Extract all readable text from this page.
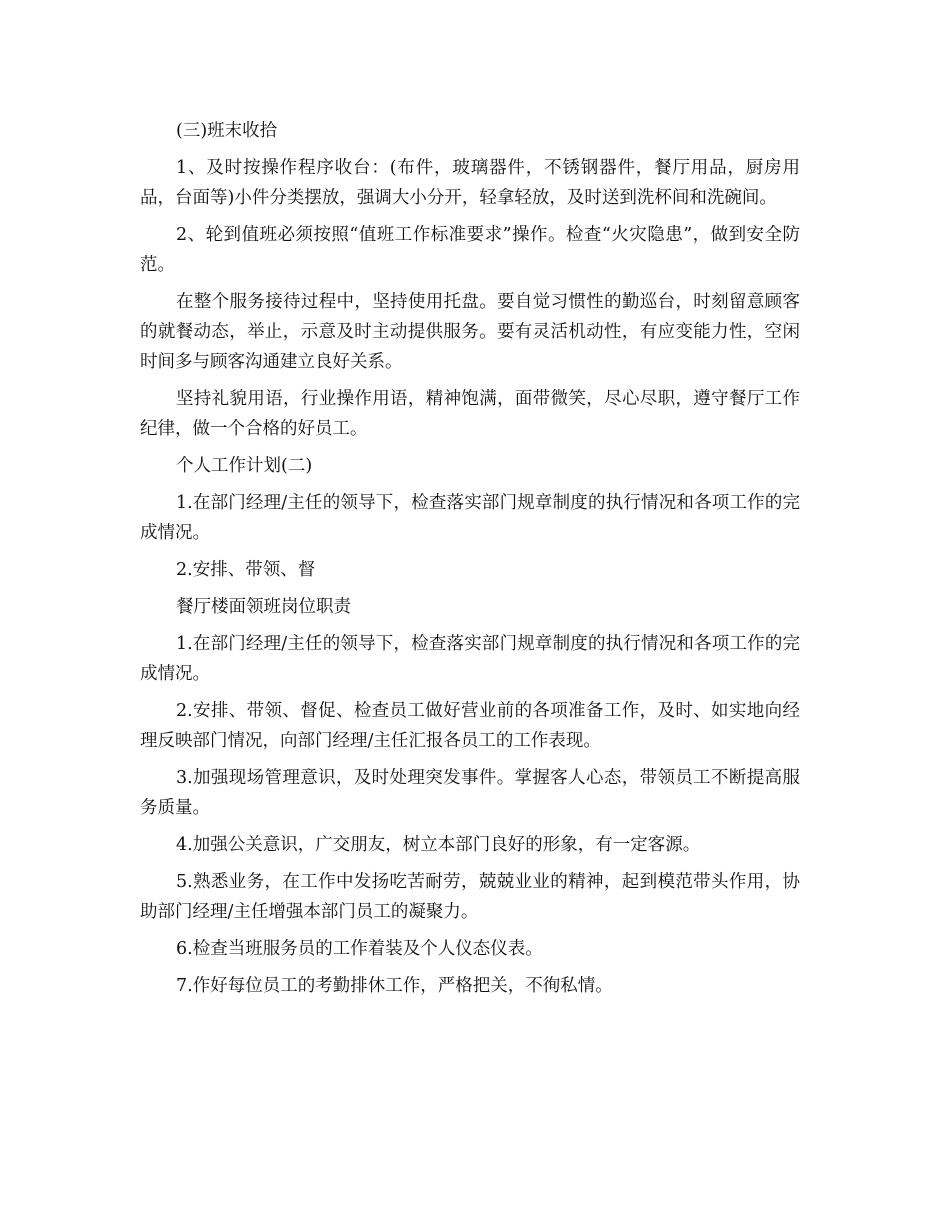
(三)班末收拾

1、及时按操作程序收台：(布件，玻璃器件，不锈钢器件，餐厅用品，厨房用品，台面等)小件分类摆放，强调大小分开，轻拿轻放，及时送到洗杯间和洗碗间。

2、轮到值班必须按照“值班工作标准要求”操作。检查“火灾隐患”，做到安全防范。

在整个服务接待过程中，坚持使用托盘。要自觉习惯性的勤巡台，时刻留意顾客的就餐动态，举止，示意及时主动提供服务。要有灵活机动性，有应变能力性，空闲时间多与顾客沟通建立良好关系。

坚持礼貌用语，行业操作用语，精神饱满，面带微笑，尽心尽职，遵守餐厅工作纪律，做一个合格的好员工。

个人工作计划(二)

1.在部门经理/主任的领导下，检查落实部门规章制度的执行情况和各项工作的完成情况。

2.安排、带领、督

餐厅楼面领班岗位职责

1.在部门经理/主任的领导下，检查落实部门规章制度的执行情况和各项工作的完成情况。

2.安排、带领、督促、检查员工做好营业前的各项准备工作，及时、如实地向经理反映部门情况，向部门经理/主任汇报各员工的工作表现。

3.加强现场管理意识，及时处理突发事件。掌握客人心态，带领员工不断提高服务质量。

4.加强公关意识，广交朋友，树立本部门良好的形象，有一定客源。

5.熟悉业务，在工作中发扬吃苦耐劳，兢兢业业的精神，起到模范带头作用，协助部门经理/主任增强本部门员工的凝聚力。

6.检查当班服务员的工作着装及个人仪态仪表。

7.作好每位员工的考勤排休工作，严格把关，不徇私情。
